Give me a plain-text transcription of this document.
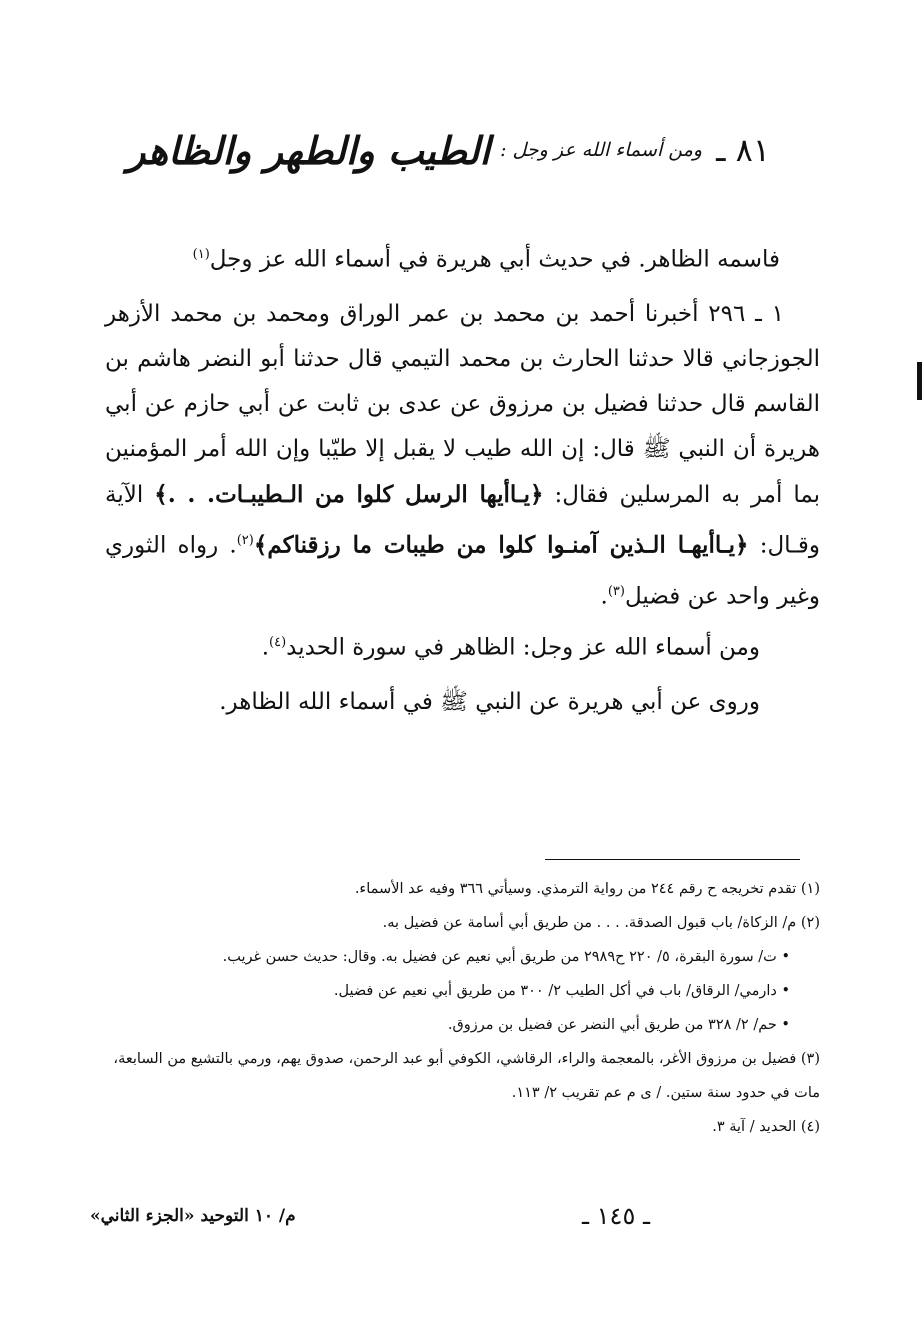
٨١ ـ
ومن أسماء الله عز وجل :
الطيب والطهر والظاهر
فاسمه الظاهر. في حديث أبي هريرة في أسماء الله عز وجل$^{(١)}$
١ ـ ٢٩٦ أخبرنا أحمد بن محمد بن عمر الوراق ومحمد بن محمد الأزهر الجوزجاني قالا حدثنا الحارث بن محمد التيمي قال حدثنا أبو النضر هاشم بن القاسم قال حدثنا فضيل بن مرزوق عن عدى بن ثابت عن أبي حازم عن أبي هريرة أن النبي ﷺ قال: إن الله طيب لا يقبل إلا طيّبا وإن الله أمر المؤمنين بما أمر به المرسلين فقال: ﴿يـاأيها الرسل كلوا من الـطيبـات. . .﴾ الآية وقـال: ﴿يـاأيهـا الـذين آمنـوا كلوا من طيبات ما رزقناكم﴾$^{(٢)}$. رواه الثوري وغير واحد عن فضيل$^{(٣)}$.
ومن أسماء الله عز وجل: الظاهر في سورة الحديد$^{(٤)}$.
وروى عن أبي هريرة عن النبي ﷺ في أسماء الله الظاهر.

(١) تقدم تخريجه ح رقم ٢٤٤ من رواية الترمذي. وسيأتي ٣٦٦ وفيه عد الأسماء.

(٢) م/ الزكاة/ باب قبول الصدقة. . . . من طريق أبي أسامة عن فضيل به.

• ت/ سورة البقرة، ٥/ ٢٢٠ ح٢٩٨٩ من طريق أبي نعيم عن فضيل به. وقال: حديث حسن غريب.

• دارمي/ الرقاق/ باب في أكل الطيب ٢/ ٣٠٠ من طريق أبي نعيم عن فضيل.

• حم/ ٢/ ٣٢٨ من طريق أبي النضر عن فضيل بن مرزوق.

(٣) فضيل بن مرزوق الأغر، بالمعجمة والراء، الرقاشي، الكوفي أبو عبد الرحمن، صدوق يهم، ورمي بالتشيع من السابعة، مات في حدود سنة ستين. / ى م عم تقريب ٢/ ١١٣.

(٤) الحديد / آية ٣.

ـ ١٤٥ ـ
م/ ١٠ التوحيد «الجزء الثاني»
